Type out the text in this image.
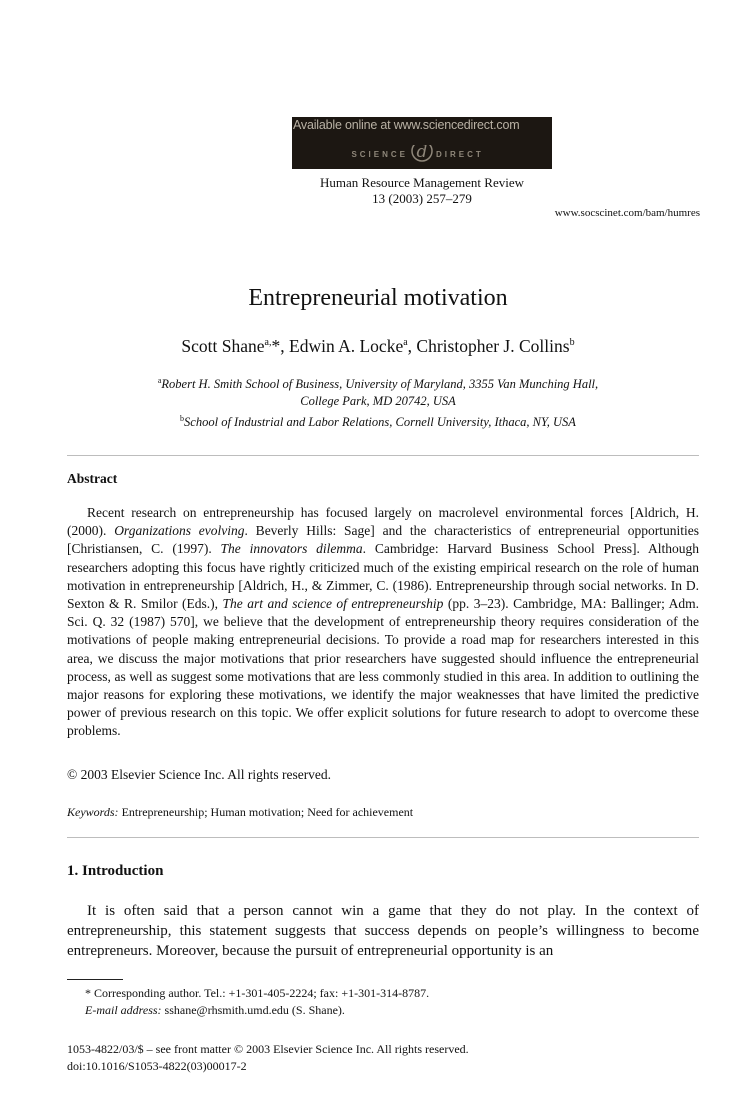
Available online at www.sciencedirect.com
SCIENCE d DIRECT
Human Resource Management Review
13 (2003) 257–279
www.socscinet.com/bam/humres
Entrepreneurial motivation
Scott Shane$^{a,}$*, Edwin A. Locke$^a$, Christopher J. Collins$^b$
$^a$Robert H. Smith School of Business, University of Maryland, 3355 Van Munching Hall,
College Park, MD 20742, USA
$^b$School of Industrial and Labor Relations, Cornell University, Ithaca, NY, USA
Abstract

Recent research on entrepreneurship has focused largely on macrolevel environmental forces [Aldrich, H. (2000). Organizations evolving. Beverly Hills: Sage] and the characteristics of entrepreneurial opportunities [Christiansen, C. (1997). The innovators dilemma. Cambridge: Harvard Business School Press]. Although researchers adopting this focus have rightly criticized much of the existing empirical research on the role of human motivation in entrepreneurship [Aldrich, H., & Zimmer, C. (1986). Entrepreneurship through social networks. In D. Sexton & R. Smilor (Eds.), The art and science of entrepreneurship (pp. 3–23). Cambridge, MA: Ballinger; Adm. Sci. Q. 32 (1987) 570], we believe that the development of entrepreneurship theory requires consideration of the motivations of people making entrepreneurial decisions. To provide a road map for researchers interested in this area, we discuss the major motivations that prior researchers have suggested should influence the entrepreneurial process, as well as suggest some motivations that are less commonly studied in this area. In addition to outlining the major reasons for exploring these motivations, we identify the major weaknesses that have limited the predictive power of previous research on this topic. We offer explicit solutions for future research to adopt to overcome these problems.

© 2003 Elsevier Science Inc. All rights reserved.
Keywords: Entrepreneurship; Human motivation; Need for achievement
1. Introduction

It is often said that a person cannot win a game that they do not play. In the context of entrepreneurship, this statement suggests that success depends on people’s willingness to become entrepreneurs. Moreover, because the pursuit of entrepreneurial opportunity is an

* Corresponding author. Tel.: +1-301-405-2224; fax: +1-301-314-8787.
E-mail address: sshane@rhsmith.umd.edu (S. Shane).
1053-4822/03/$ – see front matter © 2003 Elsevier Science Inc. All rights reserved.
doi:10.1016/S1053-4822(03)00017-2
